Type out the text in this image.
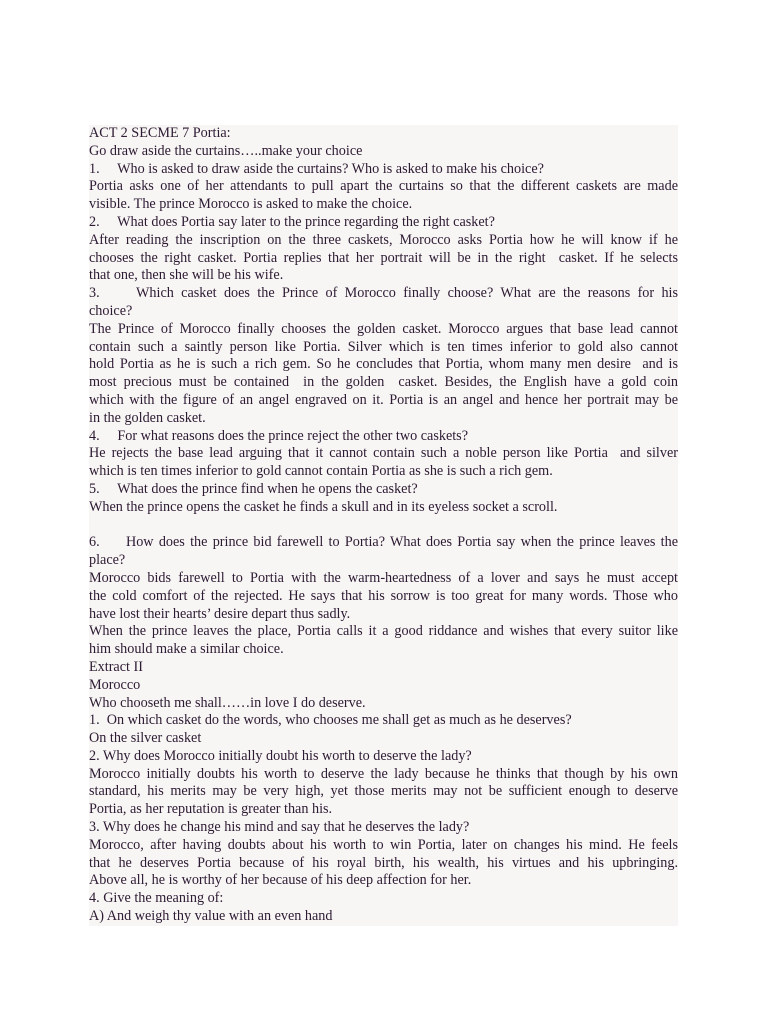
ACT 2 SECME 7 Portia:
Go draw aside the curtains…..make your choice
1.     Who is asked to draw aside the curtains? Who is asked to make his choice?
Portia asks one of her attendants to pull apart the curtains so that the different caskets are made
visible. The prince Morocco is asked to make the choice.
2.     What does Portia say later to the prince regarding the right casket?
After reading the inscription on the three caskets, Morocco asks Portia how he will know if he
chooses the right casket. Portia replies that her portrait will be in the right  casket. If he selects
that one, then she will be his wife.
3.     Which casket does the Prince of Morocco finally choose? What are the reasons for his
choice?
The Prince of Morocco finally chooses the golden casket. Morocco argues that base lead cannot
contain such a saintly person like Portia. Silver which is ten times inferior to gold also cannot
hold Portia as he is such a rich gem. So he concludes that Portia, whom many men desire  and is
most precious must be contained  in the golden  casket. Besides, the English have a gold coin
which with the figure of an angel engraved on it. Portia is an angel and hence her portrait may be
in the golden casket.
4.     For what reasons does the prince reject the other two caskets?
He rejects the base lead arguing that it cannot contain such a noble person like Portia  and silver
which is ten times inferior to gold cannot contain Portia as she is such a rich gem.
5.     What does the prince find when he opens the casket?
When the prince opens the casket he finds a skull and in its eyeless socket a scroll.
6.     How does the prince bid farewell to Portia? What does Portia say when the prince leaves the
place?
Morocco bids farewell to Portia with the warm-heartedness of a lover and says he must accept
the cold comfort of the rejected. He says that his sorrow is too great for many words. Those who
have lost their hearts’ desire depart thus sadly.
When the prince leaves the place, Portia calls it a good riddance and wishes that every suitor like
him should make a similar choice.
Extract II
Morocco
Who chooseth me shall……in love I do deserve.
1.  On which casket do the words, who chooses me shall get as much as he deserves?
On the silver casket
2. Why does Morocco initially doubt his worth to deserve the lady?
Morocco initially doubts his worth to deserve the lady because he thinks that though by his own
standard, his merits may be very high, yet those merits may not be sufficient enough to deserve
Portia, as her reputation is greater than his.
3. Why does he change his mind and say that he deserves the lady?
Morocco, after having doubts about his worth to win Portia, later on changes his mind. He feels
that he deserves Portia because of his royal birth, his wealth, his virtues and his upbringing.
Above all, he is worthy of her because of his deep affection for her.
4. Give the meaning of:
A) And weigh thy value with an even hand
